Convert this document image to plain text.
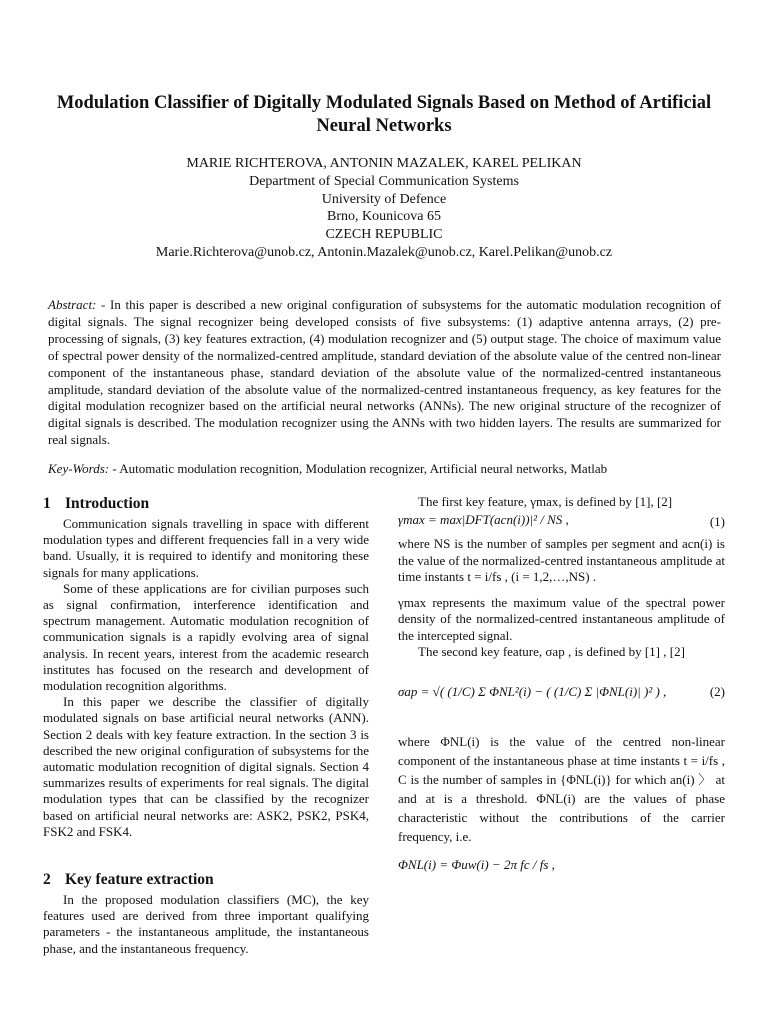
Modulation Classifier of Digitally Modulated Signals Based on Method of Artificial Neural Networks
MARIE RICHTEROVA, ANTONIN MAZALEK, KAREL PELIKAN
Department of Special Communication Systems
University of Defence
Brno, Kounicova 65
CZECH REPUBLIC
Marie.Richterova@unob.cz, Antonin.Mazalek@unob.cz, Karel.Pelikan@unob.cz
Abstract: - In this paper is described a new original configuration of subsystems for the automatic modulation recognition of digital signals. The signal recognizer being developed consists of five subsystems: (1) adaptive antenna arrays, (2) pre-processing of signals, (3) key features extraction, (4) modulation recognizer and (5) output stage. The choice of maximum value of spectral power density of the normalized-centred amplitude, standard deviation of the absolute value of the centred non-linear component of the instantaneous phase, standard deviation of the absolute value of the normalized-centred instantaneous amplitude, standard deviation of the absolute value of the normalized-centred instantaneous frequency, as key features for the digital modulation recognizer based on the artificial neural networks (ANNs). The new original structure of the recognizer of digital signals is described. The modulation recognizer using the ANNs with two hidden layers. The results are summarized for real signals.
Key-Words: - Automatic modulation recognition, Modulation recognizer, Artificial neural networks, Matlab
1 Introduction

Communication signals travelling in space with different modulation types and different frequencies fall in a very wide band. Usually, it is required to identify and monitoring these signals for many applications.

Some of these applications are for civilian purposes such as signal confirmation, interference identification and spectrum management. Automatic modulation recognition of communication signals is a rapidly evolving area of signal analysis. In recent years, interest from the academic research institutes has focused on the research and development of modulation recognition algorithms.

In this paper we describe the classifier of digitally modulated signals on base artificial neural networks (ANN). Section 2 deals with key feature extraction. In the section 3 is described the new original configuration of subsystems for the automatic modulation recognition of digital signals. Section 4 summarizes results of experiments for real signals. The digital modulation types that can be classified by the recognizer based on artificial neural networks are: ASK2, PSK2, PSK4, FSK2 and FSK4.

2 Key feature extraction

In the proposed modulation classifiers (MC), the key features used are derived from three important qualifying parameters - the instantaneous amplitude, the instantaneous phase, and the instantaneous frequency.

The first key feature, γmax, is defined by [1], [2]

γmax = max|DFT(acn(i))|² / NS ,	(1)

where NS is the number of samples per segment and acn(i) is the value of the normalized-centred instantaneous amplitude at time instants t = i/fs , (i = 1,2,…,NS) .

γmax represents the maximum value of the spectral power density of the normalized-centred instantaneous amplitude of the intercepted signal.

The second key feature, σap , is defined by [1] , [2]

σap = √( (1/C) Σ ΦNL²(i) − ( (1/C) Σ |ΦNL(i)| )² ) ,	(2)

where ΦNL(i) is the value of the centred non-linear component of the instantaneous phase at time instants t = i/fs , C is the number of samples in {ΦNL(i)} for which an(i) 〉 at and at is a threshold. ΦNL(i) are the values of phase characteristic without the contributions of the carrier frequency, i.e.

ΦNL(i) = Φuw(i) − 2π fc / fs ,
